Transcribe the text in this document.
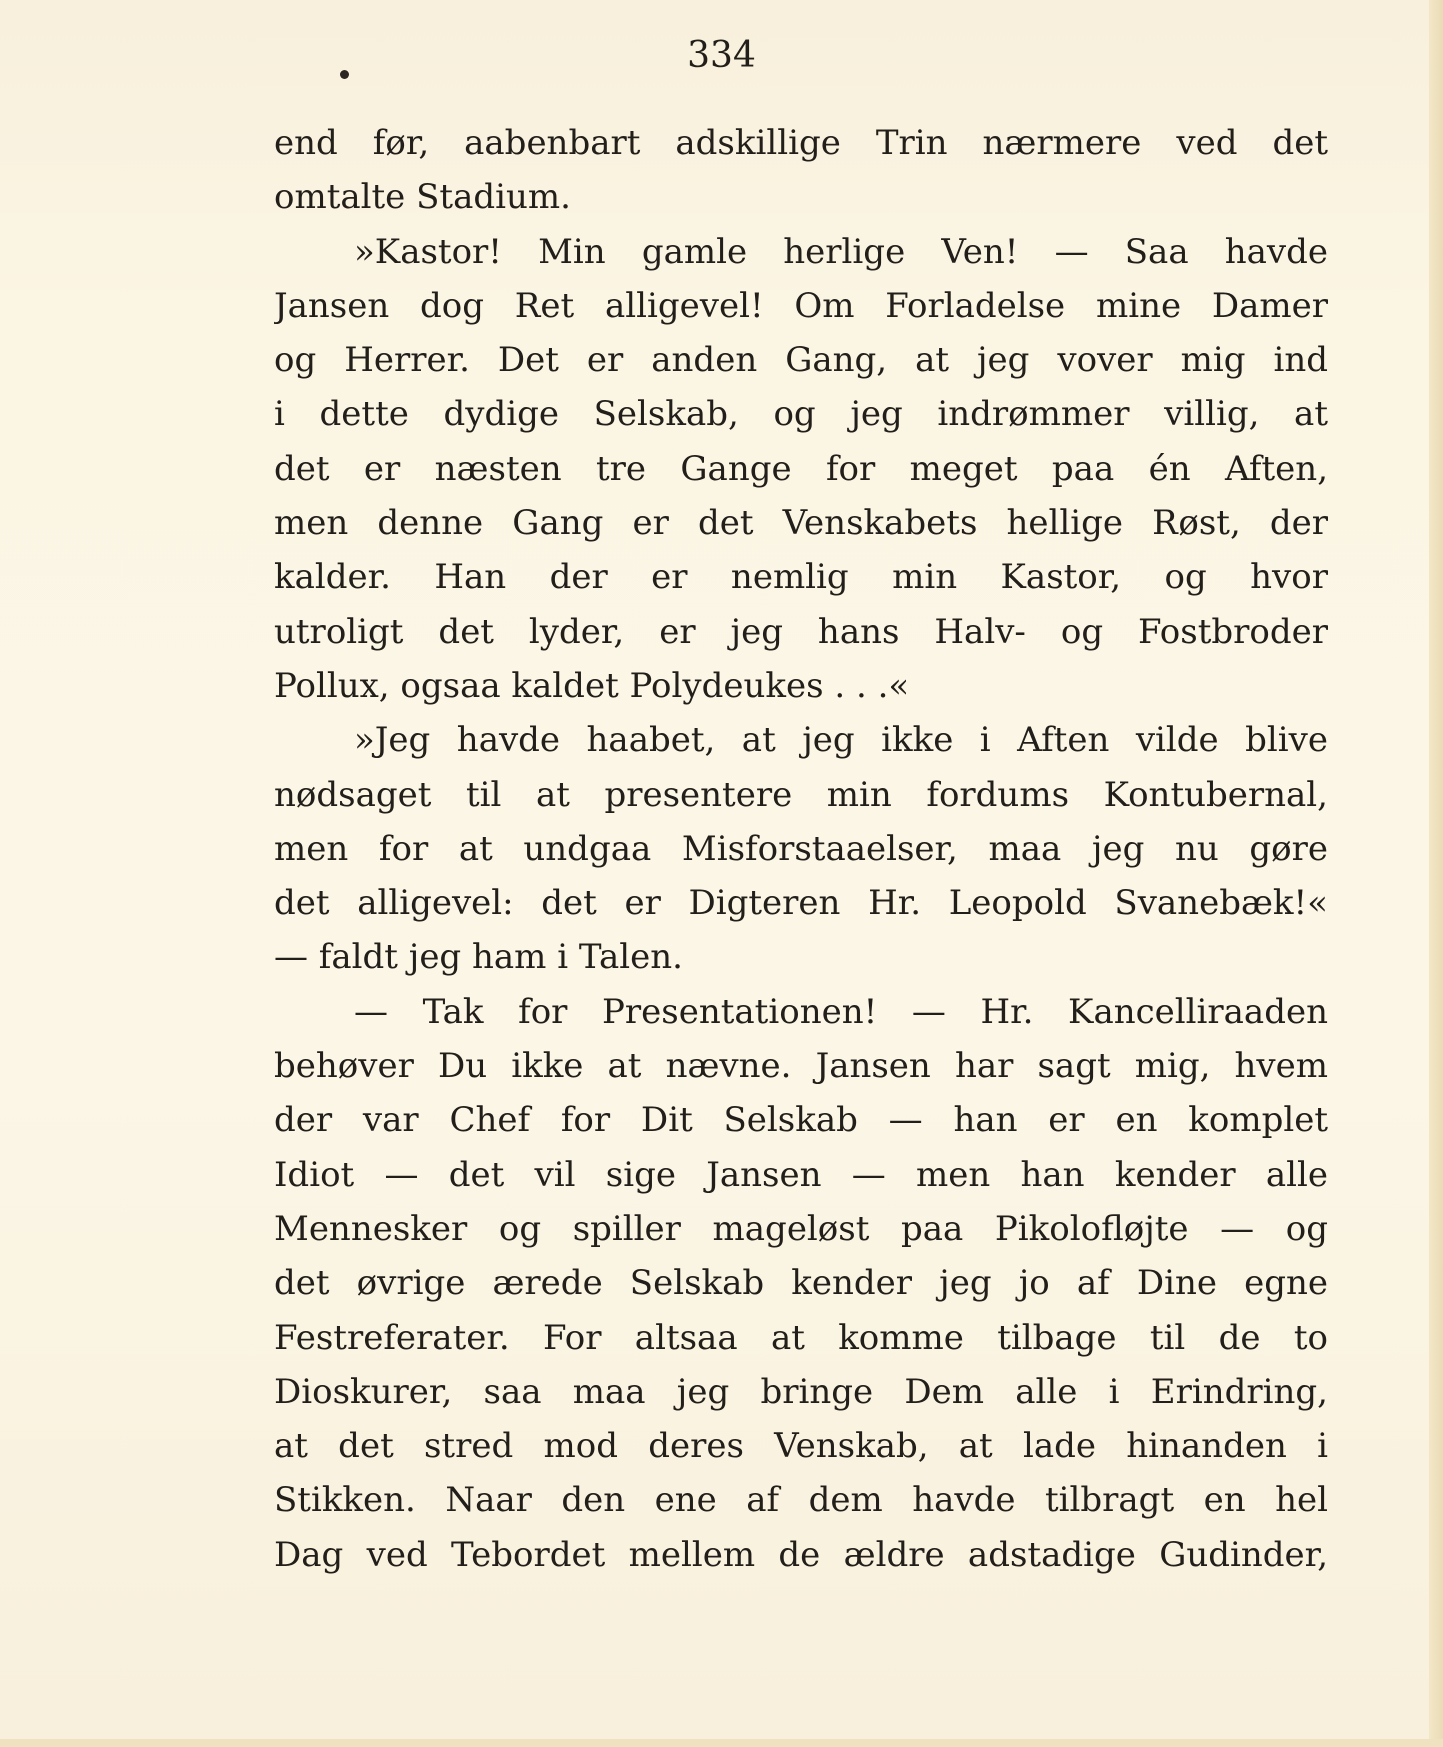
334
end før, aabenbart adskillige Trin nærmere ved det
omtalte Stadium.
»Kastor! Min gamle herlige Ven! — Saa havde
Jansen dog Ret alligevel! Om Forladelse mine Damer
og Herrer. Det er anden Gang, at jeg vover mig ind
i dette dydige Selskab, og jeg indrømmer villig, at
det er næsten tre Gange for meget paa én Aften,
men denne Gang er det Venskabets hellige Røst, der
kalder. Han der er nemlig min Kastor, og hvor
utroligt det lyder, er jeg hans Halv- og Fostbroder
Pollux, ogsaa kaldet Polydeukes . . .«
»Jeg havde haabet, at jeg ikke i Aften vilde blive
nødsaget til at presentere min fordums Kontubernal,
men for at undgaa Misforstaaelser, maa jeg nu gøre
det alligevel: det er Digteren Hr. Leopold Svanebæk!«
— faldt jeg ham i Talen.
— Tak for Presentationen! — Hr. Kancelliraaden
behøver Du ikke at nævne. Jansen har sagt mig, hvem
der var Chef for Dit Selskab — han er en komplet
Idiot — det vil sige Jansen — men han kender alle
Mennesker og spiller mageløst paa Pikolofløjte — og
det øvrige ærede Selskab kender jeg jo af Dine egne
Festreferater. For altsaa at komme tilbage til de to
Dioskurer, saa maa jeg bringe Dem alle i Erindring,
at det stred mod deres Venskab, at lade hinanden i
Stikken. Naar den ene af dem havde tilbragt en hel
Dag ved Tebordet mellem de ældre adstadige Gudinder,
